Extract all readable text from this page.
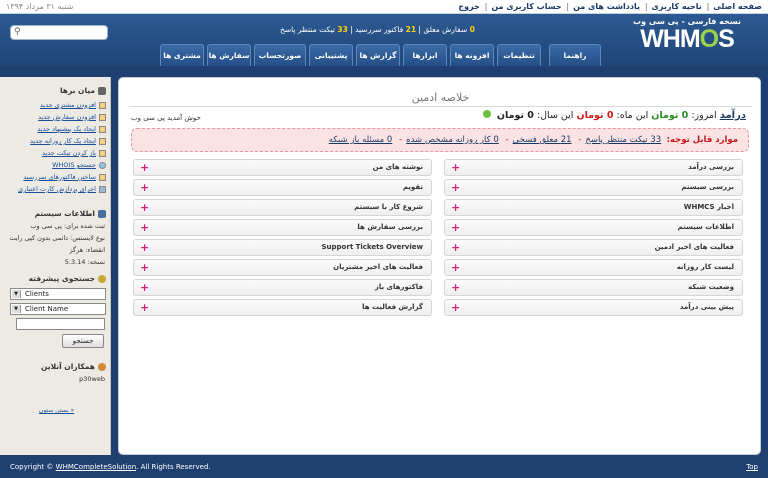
صفحه اصلی| ناحیه کاربری| یادداشت های من| حساب کاربری من| خروج
شنبه ۳۱ مرداد ۱۳۹۴
نسخه فارسی - پی سی وب
WHMOS
0 سفارش معلق | 21 فاکتور سررسید | 33 تیکت منتظر پاسخ
⚲
مشتری ها	سفارش ها	صورتحساب	پشتیبانی	گزارش ها	ابزارها	افزونه ها	تنظیمات	راهنما
میان برها
افزودن مشتری جدید
افزودن سفارش جدید
ایجاد یک پیشنهاد جدید
ایجاد یک کار روزانه جدید
باز کردن تیکت جدید
جستجو WHOIS
ساختن فاکتورهای سررسید
اجرای پردازش کارت اعتباری
اطلاعات سیستم
ثبت شده برای: پی سی وب
نوع لایسنس: دائمی بدون کپی رایت
انقضاء: هرگز
نسخه: 5.3.14
جستجوی پیشرفته
▼	Clients
▼	Client Name
جستجو
همکاران آنلاین
p30web
« بستن ستون
خلاصه ادمین
درآمد امروز: 0 تومان این ماه: 0 تومان این سال: 0 تومان
خوش آمدید پی سی وب
موارد قابل توجه:  33 تیکت منتظر پاسخ- 21 معلق فسخی- 0 کار روزانه مشخص شده- 0 مسئله باز شبکه
بررسی درآمد
+
بررسی سیستم
+
اخبار WHMCS
+
اطلاعات سیستم
+
فعالیت های اخیر ادمین
+
لیست کار روزانه
+
وضعیت شبکه
+
پیش بینی درآمد
+
نوشته های من
+
تقویم
+
شروع کار با سیستم
+
بررسی سفارش ها
+
Support Tickets Overview
+
فعالیت های اخیر مشتریان
+
فاکتورهای باز
+
گزارش فعالیت ها
+
Copyright © WHMCompleteSolution. All Rights Reserved.	Top
